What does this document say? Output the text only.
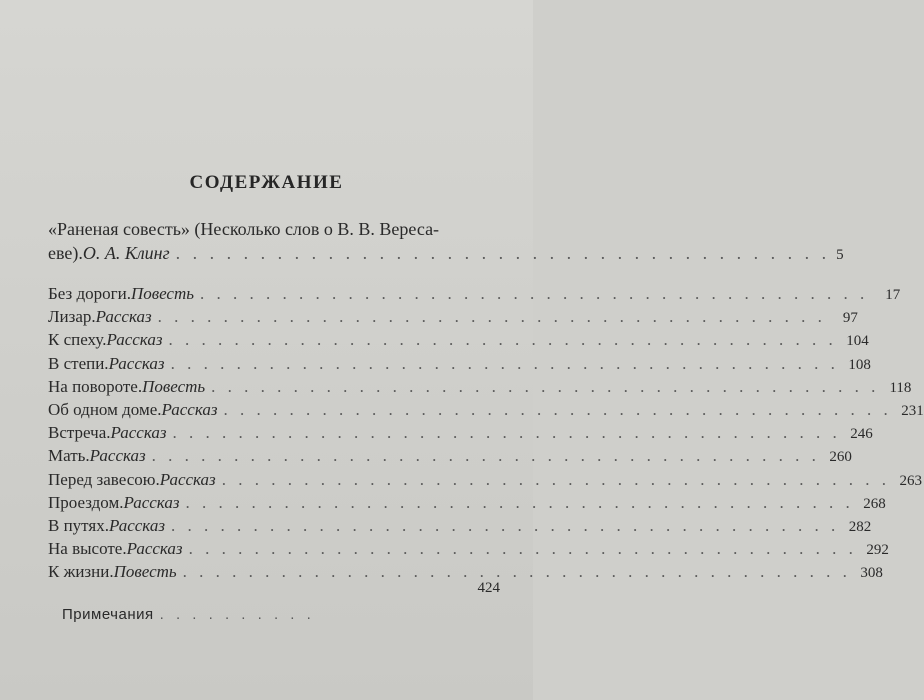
СОДЕРЖАНИЕ
«Раненая совесть» (Несколько слов о В. В. Вереса-
еве). О. А. Клинг . . . . . . . . . . . . . . . . . . . . . . . . . . . . . . . . . . . . . . . 5
Без дороги. Повесть . . . . . . . . . . . . . . . . . . . . . . . . . . . . . . . . . . . . . . . . .	17
Лизар. Рассказ . . . . . . . . . . . . . . . . . . . . . . . . . . . . . . . . . . . . . . . . .	97
К спеху. Рассказ . . . . . . . . . . . . . . . . . . . . . . . . . . . . . . . . . . . . . . . . . 104
В степи. Рассказ . . . . . . . . . . . . . . . . . . . . . . . . . . . . . . . . . . . . . . . . . 108
На повороте. Повесть . . . . . . . . . . . . . . . . . . . . . . . . . . . . . . . . . . . . . . . . . 118
Об одном доме. Рассказ . . . . . . . . . . . . . . . . . . . . . . . . . . . . . . . . . . . . . . . . . 231
Встреча. Рассказ . . . . . . . . . . . . . . . . . . . . . . . . . . . . . . . . . . . . . . . . . 246
Мать. Рассказ . . . . . . . . . . . . . . . . . . . . . . . . . . . . . . . . . . . . . . . . . 260
Перед завесою. Рассказ . . . . . . . . . . . . . . . . . . . . . . . . . . . . . . . . . . . . . . . . . 263
Проездом. Рассказ . . . . . . . . . . . . . . . . . . . . . . . . . . . . . . . . . . . . . . . . . 268
В путях. Рассказ . . . . . . . . . . . . . . . . . . . . . . . . . . . . . . . . . . . . . . . . . 282
На высоте. Рассказ . . . . . . . . . . . . . . . . . . . . . . . . . . . . . . . . . . . . . . . . . 292
К жизни. Повесть . . . . . . . . . . . . . . . . . . . . . . . . . . . . . . . . . . . . . . . . . 308
424
Примечания . . . . . . . . . .
